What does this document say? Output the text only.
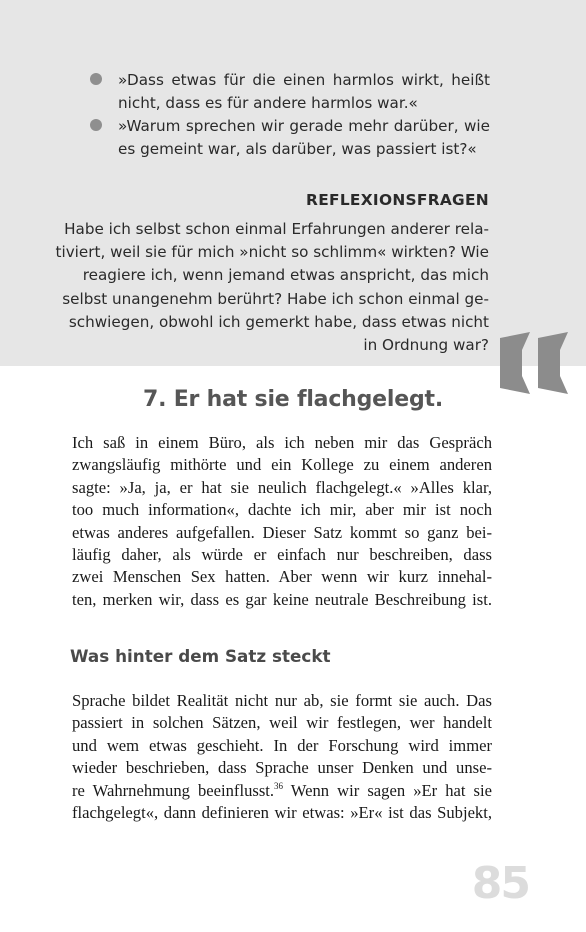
»Dass etwas für die einen harmlos wirkt, heißt nicht, dass es für andere harmlos war.«
»Warum sprechen wir gerade mehr darüber, wie es gemeint war, als darüber, was passiert ist?«
REFLEXIONSFRAGEN
Habe ich selbst schon einmal Erfahrungen anderer rela-
tiviert, weil sie für mich »nicht so schlimm« wirkten? Wie
reagiere ich, wenn jemand etwas anspricht, das mich
selbst unangenehm berührt? Habe ich schon einmal ge-
schwiegen, obwohl ich gemerkt habe, dass etwas nicht
in Ordnung war?
7. Er hat sie flachgelegt.
Ich saß in einem Büro, als ich neben mir das Gespräch
zwangsläufig mithörte und ein Kollege zu einem anderen
sagte: »Ja, ja, er hat sie neulich flachgelegt.« »Alles klar,
too much information«, dachte ich mir, aber mir ist noch
etwas anderes aufgefallen. Dieser Satz kommt so ganz bei-
läufig daher, als würde er einfach nur beschreiben, dass
zwei Menschen Sex hatten. Aber wenn wir kurz innehal-
ten, merken wir, dass es gar keine neutrale Beschreibung ist.
Was hinter dem Satz steckt
Sprache bildet Realität nicht nur ab, sie formt sie auch. Das
passiert in solchen Sätzen, weil wir festlegen, wer handelt
und wem etwas geschieht. In der Forschung wird immer
wieder beschrieben, dass Sprache unser Denken und unse-
re Wahrnehmung beeinflusst.$^{36}$ Wenn wir sagen »Er hat sie
flachgelegt«, dann definieren wir etwas: »Er« ist das Subjekt,
85
